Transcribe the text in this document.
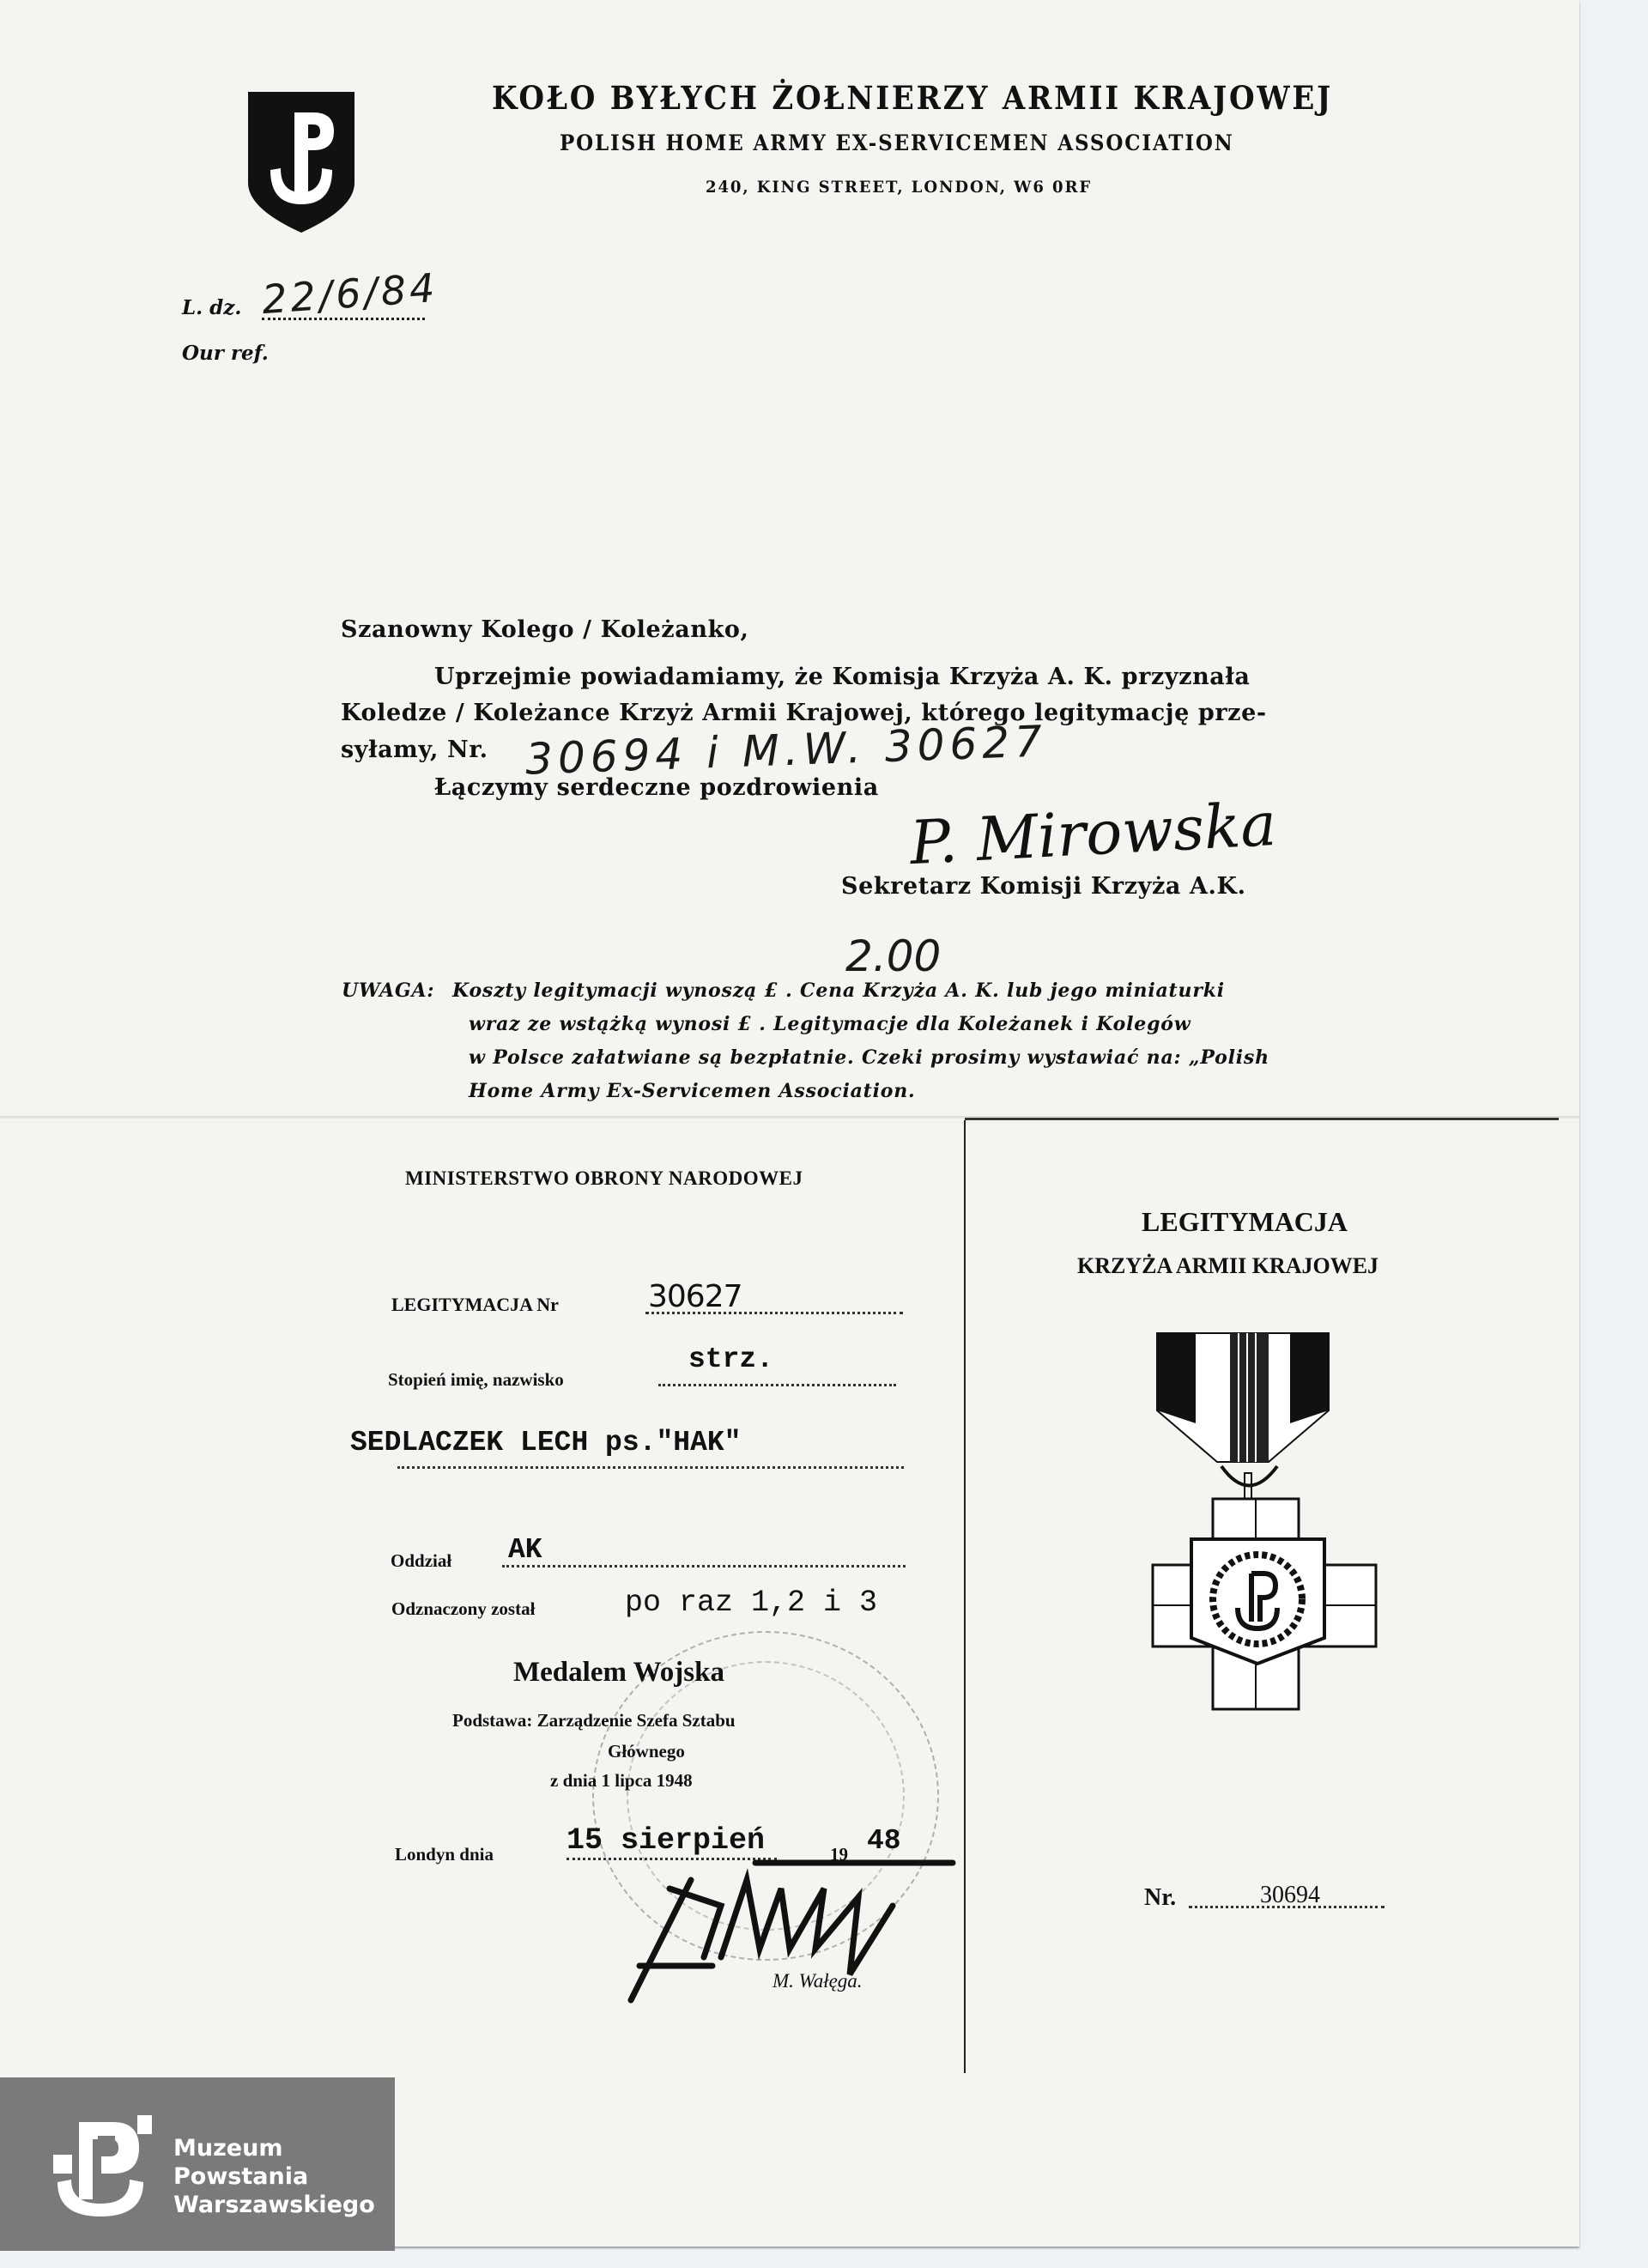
KOŁO BYŁYCH ŻOŁNIERZY ARMII KRAJOWEJ
POLISH HOME ARMY EX-SERVICEMEN ASSOCIATION
240, KING STREET, LONDON, W6 0RF
L. dz. 22/6/84
Our ref.
Szanowny Kolego / Koleżanko,
Uprzejmie powiadamiamy, że Komisja Krzyża A. K. przyznała
Koledze / Koleżance Krzyż Armii Krajowej, którego legitymację prze-
syłamy, Nr. 30694 i M.W. 30627
Łączymy serdeczne pozdrowienia
P. Mirowska
Sekretarz Komisji Krzyża A.K.
2.00
UWAGA: Koszty legitymacji wynoszą £ . Cena Krzyża A. K. lub jego miniaturki
wraz ze wstążką wynosi £ . Legitymacje dla Koleżanek i Kolegów
w Polsce załatwiane są bezpłatnie. Czeki prosimy wystawiać na: „Polish
Home Army Ex-Servicemen Association.
MINISTERSTWO OBRONY NARODOWEJ
LEGITYMACJA Nr	30627
Stopień imię, nazwisko
strz.
SEDLACZEK LECH ps."HAK"
Oddział AK
Odznaczony został	po raz 1,2 i 3
Medalem Wojska
Podstawa: Zarządzenie Szefa Sztabu
Głównego
z dnia 1 lipca 1948
Londyn dnia 15 sierpień	19 48
M. Wałęga.
LEGITYMACJA
KRZYŻA ARMII KRAJOWEJ
Nr.	30694
Muzeum
Powstania
Warszawskiego
